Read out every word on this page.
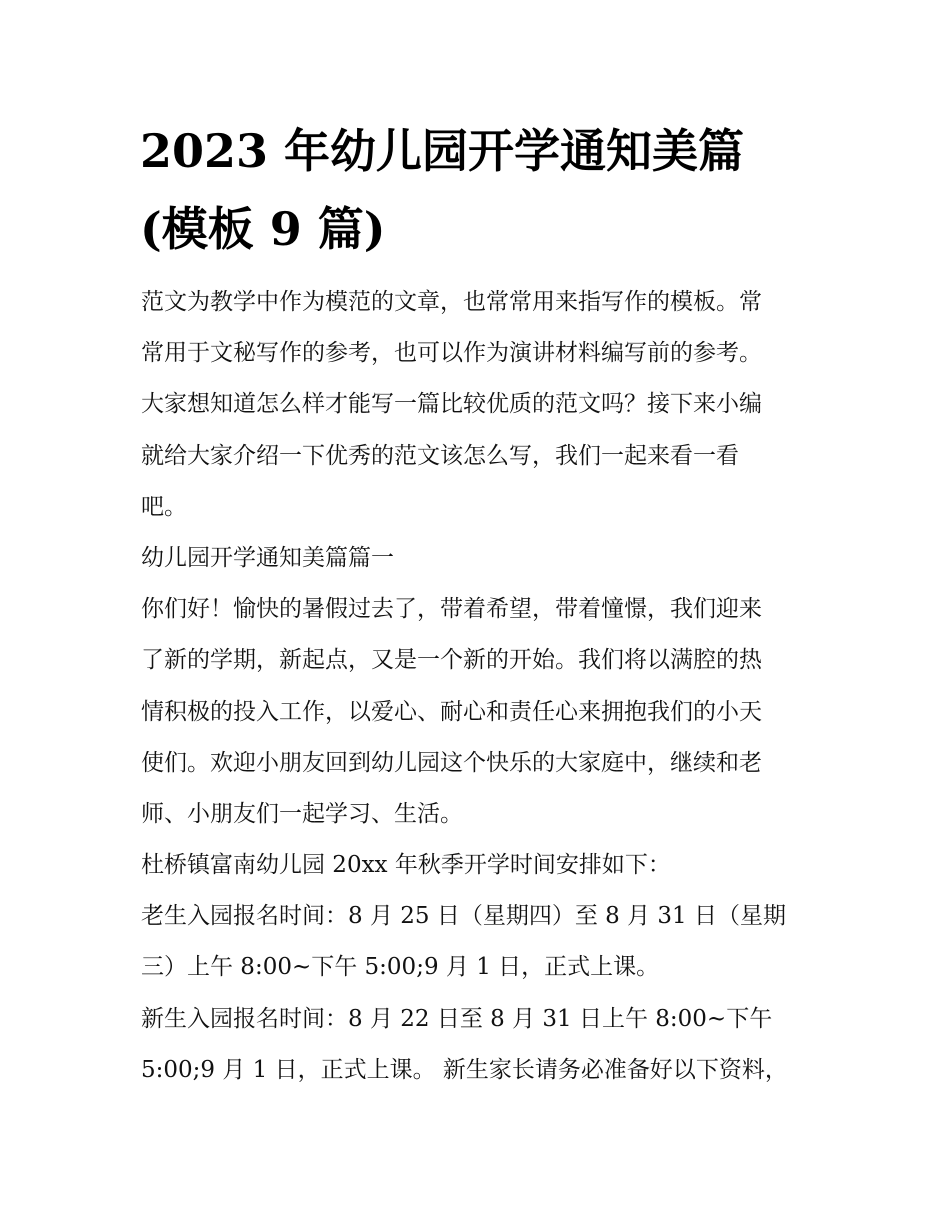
2023 年幼儿园开学通知美篇
(模板 9 篇)
范文为教学中作为模范的文章，也常常用来指写作的模板。常
常用于文秘写作的参考，也可以作为演讲材料编写前的参考。
大家想知道怎么样才能写一篇比较优质的范文吗？接下来小编
就给大家介绍一下优秀的范文该怎么写，我们一起来看一看
吧。
幼儿园开学通知美篇篇一
你们好！愉快的暑假过去了，带着希望，带着憧憬，我们迎来
了新的学期，新起点，又是一个新的开始。我们将以满腔的热
情积极的投入工作，以爱心、耐心和责任心来拥抱我们的小天
使们。欢迎小朋友回到幼儿园这个快乐的大家庭中，继续和老
师、小朋友们一起学习、生活。
杜桥镇富南幼儿园 20xx 年秋季开学时间安排如下：
老生入园报名时间：8 月 25 日（星期四）至 8 月 31 日（星期
三）上午 8:00~下午 5:00;9 月 1 日，正式上课。
新生入园报名时间：8 月 22 日至 8 月 31 日上午 8:00~下午
5:00;9 月 1 日，正式上课。 新生家长请务必准备好以下资料，
